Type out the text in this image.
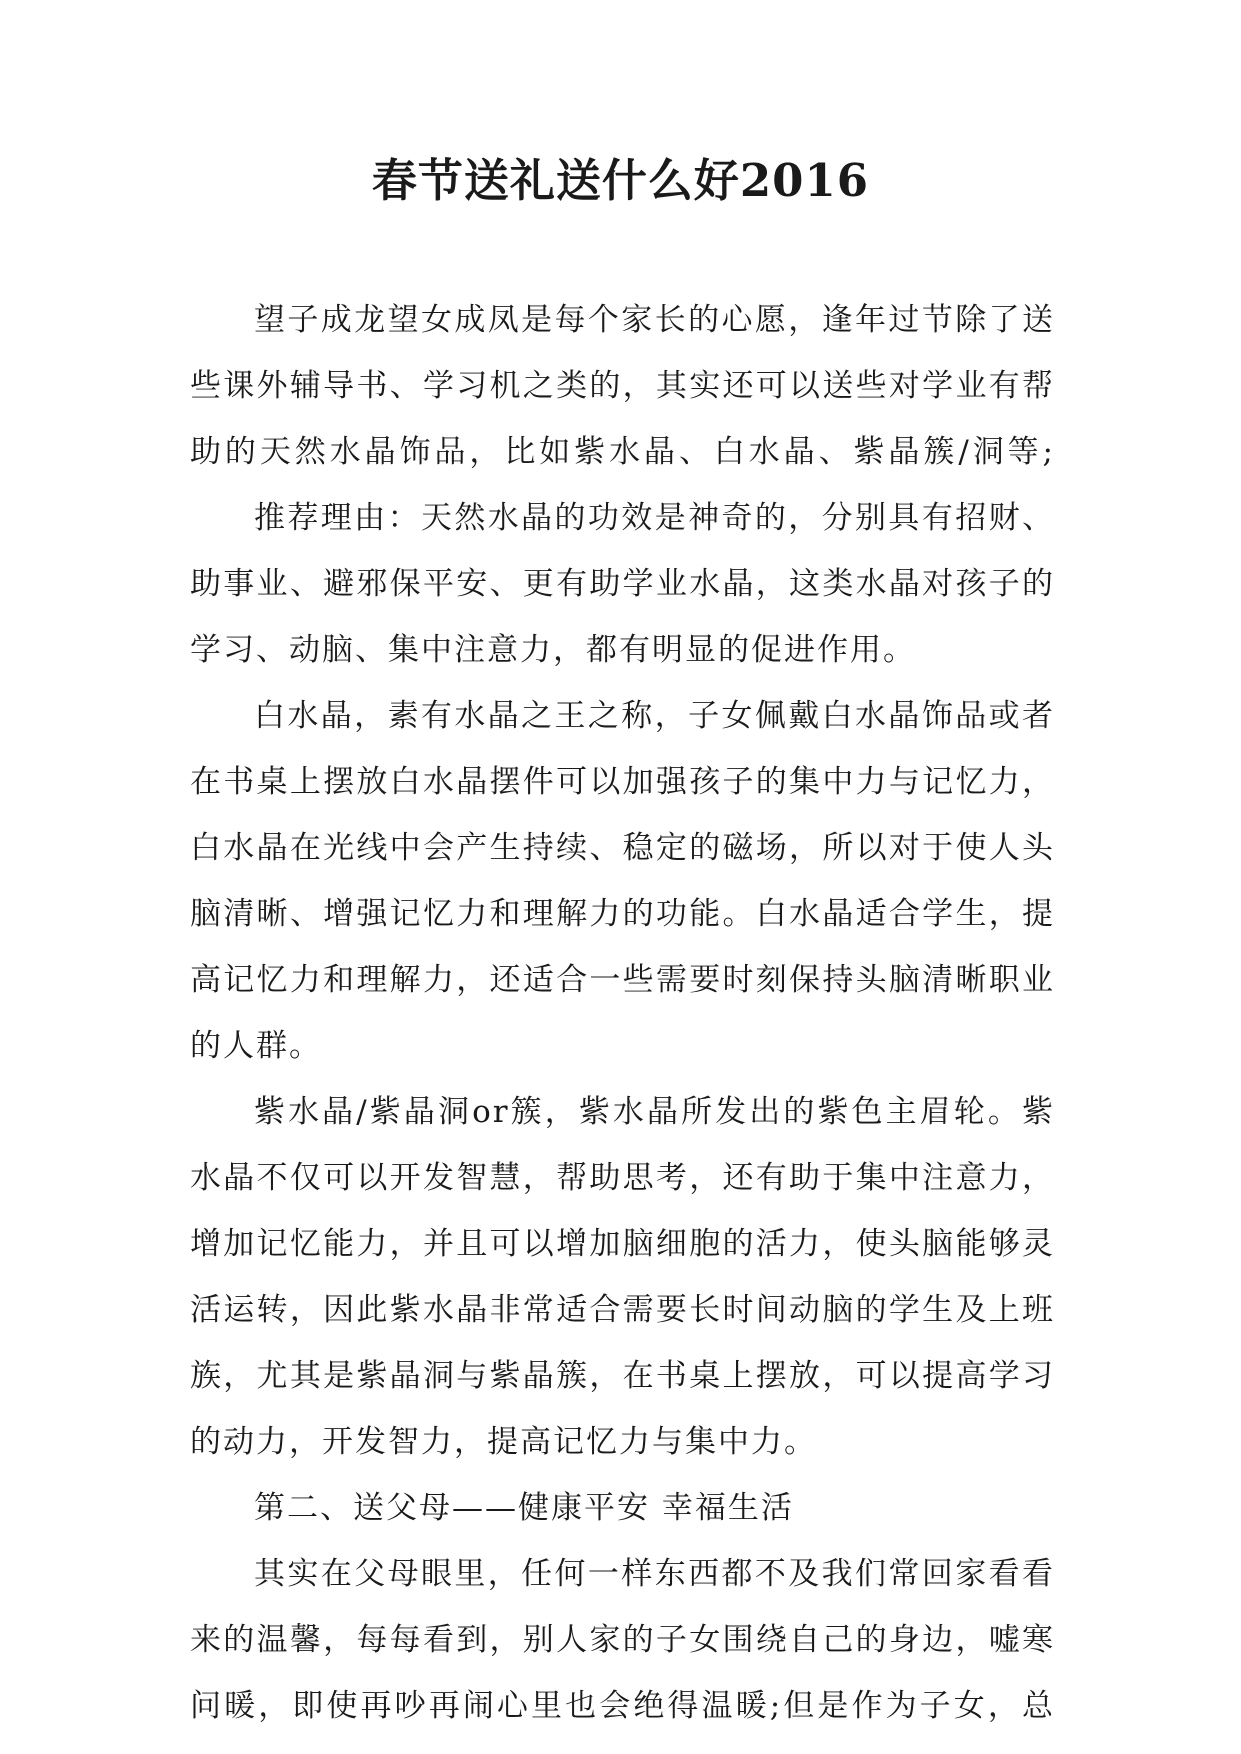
春节送礼送什么好2016
望子成龙望女成凤是每个家长的心愿，逢年过节除了送
些课外辅导书、学习机之类的，其实还可以送些对学业有帮
助的天然水晶饰品，比如紫水晶、白水晶、紫晶簇/洞等;
推荐理由：天然水晶的功效是神奇的，分别具有招财、
助事业、避邪保平安、更有助学业水晶，这类水晶对孩子的
学习、动脑、集中注意力，都有明显的促进作用。
白水晶，素有水晶之王之称，子女佩戴白水晶饰品或者
在书桌上摆放白水晶摆件可以加强孩子的集中力与记忆力，
白水晶在光线中会产生持续、稳定的磁场，所以对于使人头
脑清晰、增强记忆力和理解力的功能。白水晶适合学生，提
高记忆力和理解力，还适合一些需要时刻保持头脑清晰职业
的人群。
紫水晶/紫晶洞or簇，紫水晶所发出的紫色主眉轮。紫
水晶不仅可以开发智慧，帮助思考，还有助于集中注意力，
增加记忆能力，并且可以增加脑细胞的活力，使头脑能够灵
活运转，因此紫水晶非常适合需要长时间动脑的学生及上班
族，尤其是紫晶洞与紫晶簇，在书桌上摆放，可以提高学习
的动力，开发智力，提高记忆力与集中力。
第二、送父母——健康平安 幸福生活
其实在父母眼里，任何一样东西都不及我们常回家看看
来的温馨，每每看到，别人家的子女围绕自己的身边，嘘寒
问暖，即使再吵再闹心里也会绝得温暖;但是作为子女，总
